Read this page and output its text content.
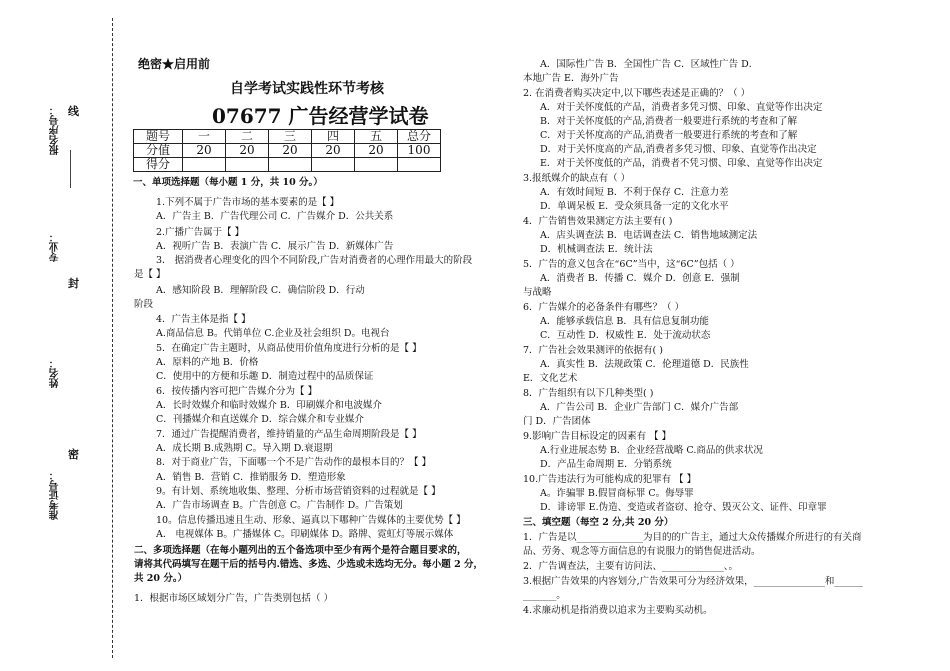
报名序号：
专业：
姓名：
准考证号：
线
封
密
绝密★启用前
自学考试实践性环节考核
07677 广告经营学试卷
题号	一	二	三	四	五	总分
分值	20	20	20	20	20	100
得分						
一、单项选择题（每小题 1 分，共 10 分。）
1.下列不属于广告市场的基本要素的是【 】
A．广告主 B．广告代理公司 C．广告媒介 D．公共关系
2.广播广告属于【 】
A．视听广告 B．表演广告 C．展示广告 D．新媒体广告
3． 据消费者心理变化的四个不同阶段,广告对消费者的心理作用最大的阶段
是【 】
A．感知阶段 B．理解阶段 C．确信阶段 D．行动
阶段
4．广告主体是指【 】
A.商品信息 B。代销单位 C.企业及社会组织 D。电视台
5．在确定广告主题时，从商品使用价值角度进行分析的是【 】
A．原料的产地 B．价格
C．使用中的方便和乐趣 D．制造过程中的品质保证
6．按传播内容可把广告媒介分为【 】
A．长时效媒介和临时效媒介 B．印刷媒介和电波媒介
C．刊播媒介和直送媒介 D．综合媒介和专业媒介
7．通过广告提醒消费者，维持销量的产品生命周期阶段是【 】
A．成长期 B.成熟期 C。导入期 D.衰退期
8．对于商业广告，下面哪一个不是广告动作的最根本目的？【 】
A．销售 B．营销 C．推销服务 D．塑造形象
9。有计划、系统地收集、整理、分析市场营销资料的过程就是【 】
A．广告市场调查 B。广告创意 C。广告制作 D。广告策划
10。信息传播迅速且生动、形象、逼真以下哪种广告媒体的主要优势【 】
A． 电视媒体 B。广播媒体 C。印刷媒体 D。路牌、霓虹灯等展示媒体
二、多项选择题（在每小题列出的五个备选项中至少有两个是符合题目要求的，
请将其代码填写在题干后的括号内.错选、多选、少选或未选均无分。每小题 2 分，
共 20 分。）
1．根据市场区域划分广告，广告类别包括（ ）
A．国际性广告 B．全国性广告 C．区域性广告 D．
本地广告 E．海外广告
2. 在消费者购买决定中,以下哪些表述是正确的？（ ）
A．对于关怀度低的产品，消费者多凭习惯、印象、直觉等作出决定
B．对于关怀度低的产品,消费者一般要进行系统的考查和了解
C．对于关怀度高的产品,消费者一般要进行系统的考查和了解
D．对于关怀度高的产品,消费者多凭习惯、印象、直觉等作出决定
E．对于关怀度低的产品，消费者不凭习惯、印象、直觉等作出决定
3.报纸媒介的缺点有（ ）
A．有效时间短 B．不利于保存 C．注意力差
D．单调呆板 E．受众须具备一定的文化水平
4．广告销售效果测定方法主要有( )
A．店头调查法 B．电话调查法 C．销售地域测定法
D．机械调查法 E．统计法
5．广告的意义包含在“6C”当中，这“6C”包括（ ）
A．消费者 B．传播 C．媒介 D．创意 E．强制
与战略
6．广告媒介的必备条件有哪些？（ ）
A．能够承载信息 B．具有信息复制功能
C．互动性 D．权威性 E．处于流动状态
7．广告社会效果测评的依据有( )
A．真实性 B．法规政策 C．伦理道德 D．民族性
E．文化艺术
8．广告组织有以下几种类型( )
A．广告公司 B．企业广告部门 C．媒介广告部
门 D．广告团体
9.影响广告目标设定的因素有 【 】
A.行业进展态势 B．企业经营战略 C.商品的供求状况
D．产品生命周期 E．分销系统
10.广告违法行为可能构成的犯罪有 【 】
A。诈骗罪 B.假冒商标罪 C。侮辱罪
D．诽谤罪 E.伪造、变造或者盗窃、抢夺、毁灭公文、证件、印章罪
三、填空题（每空 2 分,共 20 分）
1．广告是以______________为目的的广告主，通过大众传播媒介所进行的有关商
品、劳务、观念等方面信息的有说服力的销售促进活动。
2．广告调查法，主要有访问法、_____________、。
3.根据广告效果的内容划分,广告效果可分为经济效果，_______________和______
_______。
4.求廉动机是指消费以追求为主要购买动机。
